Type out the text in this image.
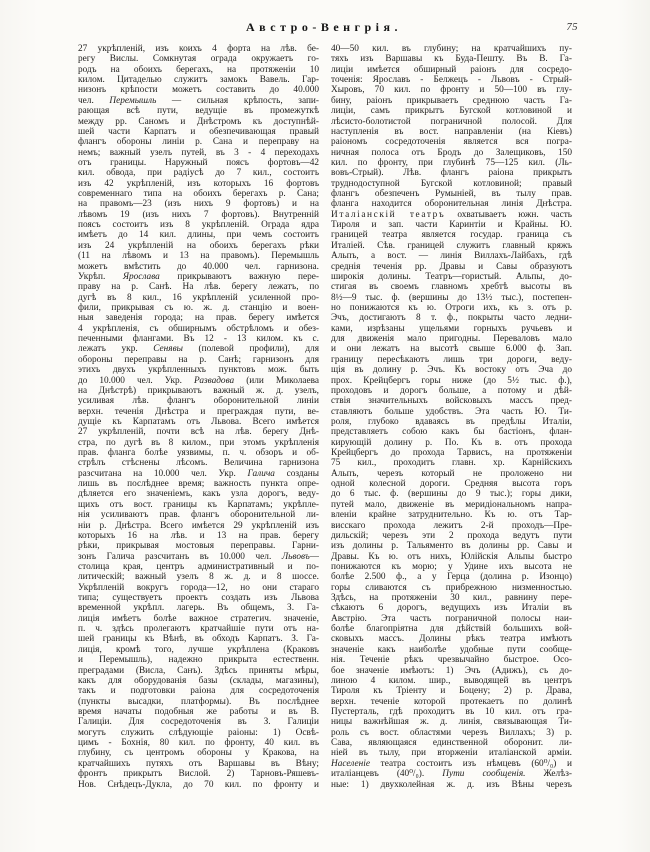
Австро-Венгрія.	75
27 укрѣпленій, изъ коихъ 4 форта на лѣв. бе-
регу Вислы. Сомкнутая ограда окружаетъ го-
родъ на обоихъ берегахъ, на протяженіи 10
килом. Цитаделью служитъ замокъ Вавель. Гар-
низонъ крѣпости можетъ составить до 40.000
чел. Перемышль — сильная крѣпость, запи-
рающая всѣ пути, ведущіе въ промежуткѣ
между рр. Саномъ и Днѣстромъ къ доступнѣй-
шей части Карпатъ и обезпечивающая правый
флангъ обороны линіи р. Сана и переправу на
немъ; важный узелъ путей, въ 3 - 4 переходахъ
отъ границы. Наружный поясъ фортовъ—42
кил. обвода, при радіусѣ до 7 кил., состоитъ
изъ 42 укрѣпленій, изъ которыхъ 16 фортовъ
современнаго типа на обоихъ берегахъ р. Сана;
на правомъ—23 (изъ нихъ 9 фортовъ) и на
лѣвомъ 19 (изъ нихъ 7 фортовъ). Внутренній
поясъ состоитъ изъ 8 укрѣпленій. Ограда ядра
имѣетъ до 14 кил. длины, при чемъ состоитъ
изъ 24 укрѣпленій на обоихъ берегахъ рѣки
(11 на лѣвомъ и 13 на правомъ). Перемышль
можетъ вмѣстить до 40.000 чел. гарнизона.
Укрѣп. Ярослава прикрываютъ важную пере-
праву на р. Санѣ. На лѣв. берегу лежатъ, по
дугѣ въ 8 кил., 16 укрѣпленій усиленной про-
фили, прикрывая съ ю. ж. д. станцію и воен-
ныя заведенія города; на прав. берегу имѣется
4 укрѣпленія, съ обширнымъ обстрѣломъ и обез-
печенными флангами. Въ 12 - 13 килом. къ с.
лежатъ укр. Сенявы (полевой профили), для
обороны переправы на р. Санѣ; гарнизонъ для
этихъ двухъ укрѣпленныхъ пунктовъ мож. быть
до 10.000 чел. Укр. Развадова (или Миколаева
на Днѣстрѣ) прикрываютъ важный ж. д. узелъ,
усиливая лѣв. флангъ оборонительной линіи
верхн. теченія Днѣстра и преграждая пути, ве-
дущіе къ Карпатамъ отъ Львова. Всего имѣется
27 укрѣпленій, почти всѣ на лѣв. берегу Днѣ-
стра, по дугѣ въ 8 килом., при этомъ укрѣпленія
прав. фланга болѣе уязвимы, п. ч. обзоръ и об-
стрѣлъ стѣснены лѣсомъ. Величина гарнизона
разсчитана на 10.000 чел. Укр. Галича созданы
лишь въ послѣднее время; важность пункта опре-
дѣляется его значеніемъ, какъ узла дорогъ, веду-
щихъ отъ вост. границы къ Карпатамъ; укрѣпле-
нія усиливаютъ прав. флангъ оборонительной ли-
ніи р. Днѣстра. Всего имѣется 29 укрѣпленій изъ
которыхъ 16 на лѣв. и 13 на прав. берегу
рѣки, прикрывая мостовыя переправы. Гарни-
зонъ Галича разсчитанъ въ 10.000 чел. Львовъ—
столица края, центръ административный и по-
литическій; важный узелъ 8 ж. д. и 8 шоссе.
Укрѣпленій вокругъ города—12, но они стараго
типа; существуетъ проектъ создать изъ Львова
временной укрѣпл. лагерь. Въ общемъ, З. Га-
лиція имѣетъ болѣе важное стратегич. значеніе,
п. ч. здѣсь пролегаютъ кратчайшіе пути отъ на-
шей границы къ Вѣнѣ, въ обходъ Карпатъ. З. Га-
лиція, кромѣ того, лучше укрѣплена (Краковъ
и Перемышль), надежно прикрыта естественн.
преградами (Висла, Санъ). Здѣсь приняты мѣры,
какъ для оборудованія базы (склады, магазины),
такъ и подготовки раіона для сосредоточенія
(пункты высадки, платформы). Въ послѣднее
время начаты подобныя же работы и въ В.
Галиціи. Для сосредоточенія въ З. Галиціи
могутъ служить слѣдующіе раіоны: 1) Освѣ-
цимъ - Бохнія, 80 кил. по фронту, 40 кил. въ
глубину, съ центромъ обороны у Кракова, на
кратчайшихъ путяхъ отъ Варшавы въ Вѣну;
фронтъ прикрытъ Вислой. 2) Тарновъ-Ряшевъ-
Нов. Снѣдецъ-Дукла, до 70 кил. по фронту и
40—50 кил. въ глубину; на кратчайшихъ пу-
тяхъ изъ Варшавы къ Буда-Пешту. Въ В. Га-
лиціи имѣется обширный раіонъ для сосредо-
точенія: Ярославъ - Белжецъ - Львовъ - Стрый-
Хыровъ, 70 кил. по фронту и 50—100 въ глу-
бину, раіонъ прикрываетъ среднюю часть Га-
лиціи, самъ прикрытъ Бугской котловиной и
лѣсисто-болотистой пограничной полосой. Для
наступленія въ вост. направленіи (на Кіевъ)
раіономъ сосредоточенія является вся погра-
ничная полоса отъ Бродъ до Залещиковъ, 150
кил. по фронту, при глубинѣ 75—125 кил. (Ль-
вовъ-Стрый). Лѣв. флангъ раіона прикрытъ
труднодоступной Бугской котловиной; правый
флангъ обезпеченъ Румыніей, въ тылу прав.
фланга находится оборонительная линія Днѣстра.
Италіанскій театръ охватываетъ южн. часть
Тироля и зап. части Каринтіи и Крайны. Ю.
границей театра является государ. граница съ
Италіей. Сѣв. границей служитъ главный кряжъ
Альпъ, а вост. — линія Виллахъ-Лайбахъ, гдѣ
среднія теченія рр. Дравы и Савы образуютъ
широкія долины. Театръ—гористый. Альпы, до-
стигая въ своемъ главномъ хребтѣ высоты въ
8½—9 тыс. ф. (вершины до 13½ тыс.), постепен-
но понижаются къ ю. Отроги ихъ, къ з. отъ р.
Эчъ, достигаютъ 8 т. ф., покрыты часто ледни-
ками, изрѣзаны ущельями горныхъ ручьевъ и
для движенія мало пригодны. Переваловъ мало
и они лежатъ на высотѣ свыше 6.000 ф. Зап.
границу пересѣкаютъ лишь три дороги, веду-
щія въ долину р. Эчъ. Къ востоку отъ Эча до
прох. Крейцбергъ горы ниже (до 5½ тыс. ф.),
проходовъ и дорогъ больше, а потому и дѣй-
ствія значительныхъ войсковыхъ массъ пред-
ставляютъ больше удобствъ. Эта часть Ю. Ти-
роля, глубоко вдаваясь въ предѣлы Италіи,
представляетъ собою какъ бы бастіонъ, флан-
кирующій долину р. По. Къ в. отъ прохода
Крейцбергъ до прохода Тарвисъ, на протяженіи
75 кил., проходитъ главн. хр. Карнійскихъ
Альпъ, черезъ который не проложено ни
одной колесной дороги. Средняя высота горъ
до 6 тыс. ф. (вершины до 9 тыс.); горы дики,
путей мало, движеніе въ меридіональномъ напра-
вленіи крайне затруднительно. Къ ю. отъ Тар-
висскаго прохода лежитъ 2-й проходъ—Пре-
дильскій; черезъ эти 2 прохода ведутъ пути
изъ долины р. Тальяменто въ долины рр. Савы и
Дравы. Къ ю. отъ нихъ, Юлійскія Альпы быстро
понижаются къ морю; у Удине ихъ высота не
болѣе 2.500 ф., а у Герца (долина р. Изонцо)
горы сливаются съ прибрежною низменностью.
Здѣсь, на протяженіи 30 кил., равнину пере-
сѣкаютъ 6 дорогъ, ведущихъ изъ Италіи въ
Австрію. Эта часть пограничной полосы наи-
болѣе благопріятна для дѣйствій большихъ вой-
сковыхъ массъ. Долины рѣкъ театра имѣютъ
значеніе какъ наиболѣе удобные пути сообще-
нія. Теченіе рѣкъ чрезвычайно быстрое. Осо-
бое значеніе имѣютъ: 1) Эчъ (Адижъ), съ до-
линою 4 килом. шир., выводящей въ центръ
Тироля къ Тріенту и Боцену; 2) р. Драва,
верхн. теченіе которой протекаетъ по долинѣ
Пустерталь, гдѣ проходитъ въ 10 кил. отъ гра-
ницы важнѣйшая ж. д. линія, связывающая Ти-
роль съ вост. областями черезъ Виллахъ; 3) р.
Сава, являющаяся единственной оборонит. ли-
ніей въ тылу, при вторженіи италіанской арміи.
Населеніе театра состоитъ изъ нѣмцевъ (60⁰/₀) и
италіанцевъ (40⁰/₀). Пути сообщенія. Желѣз-
ные: 1) двухколейная ж. д. изъ Вѣны черезъ
